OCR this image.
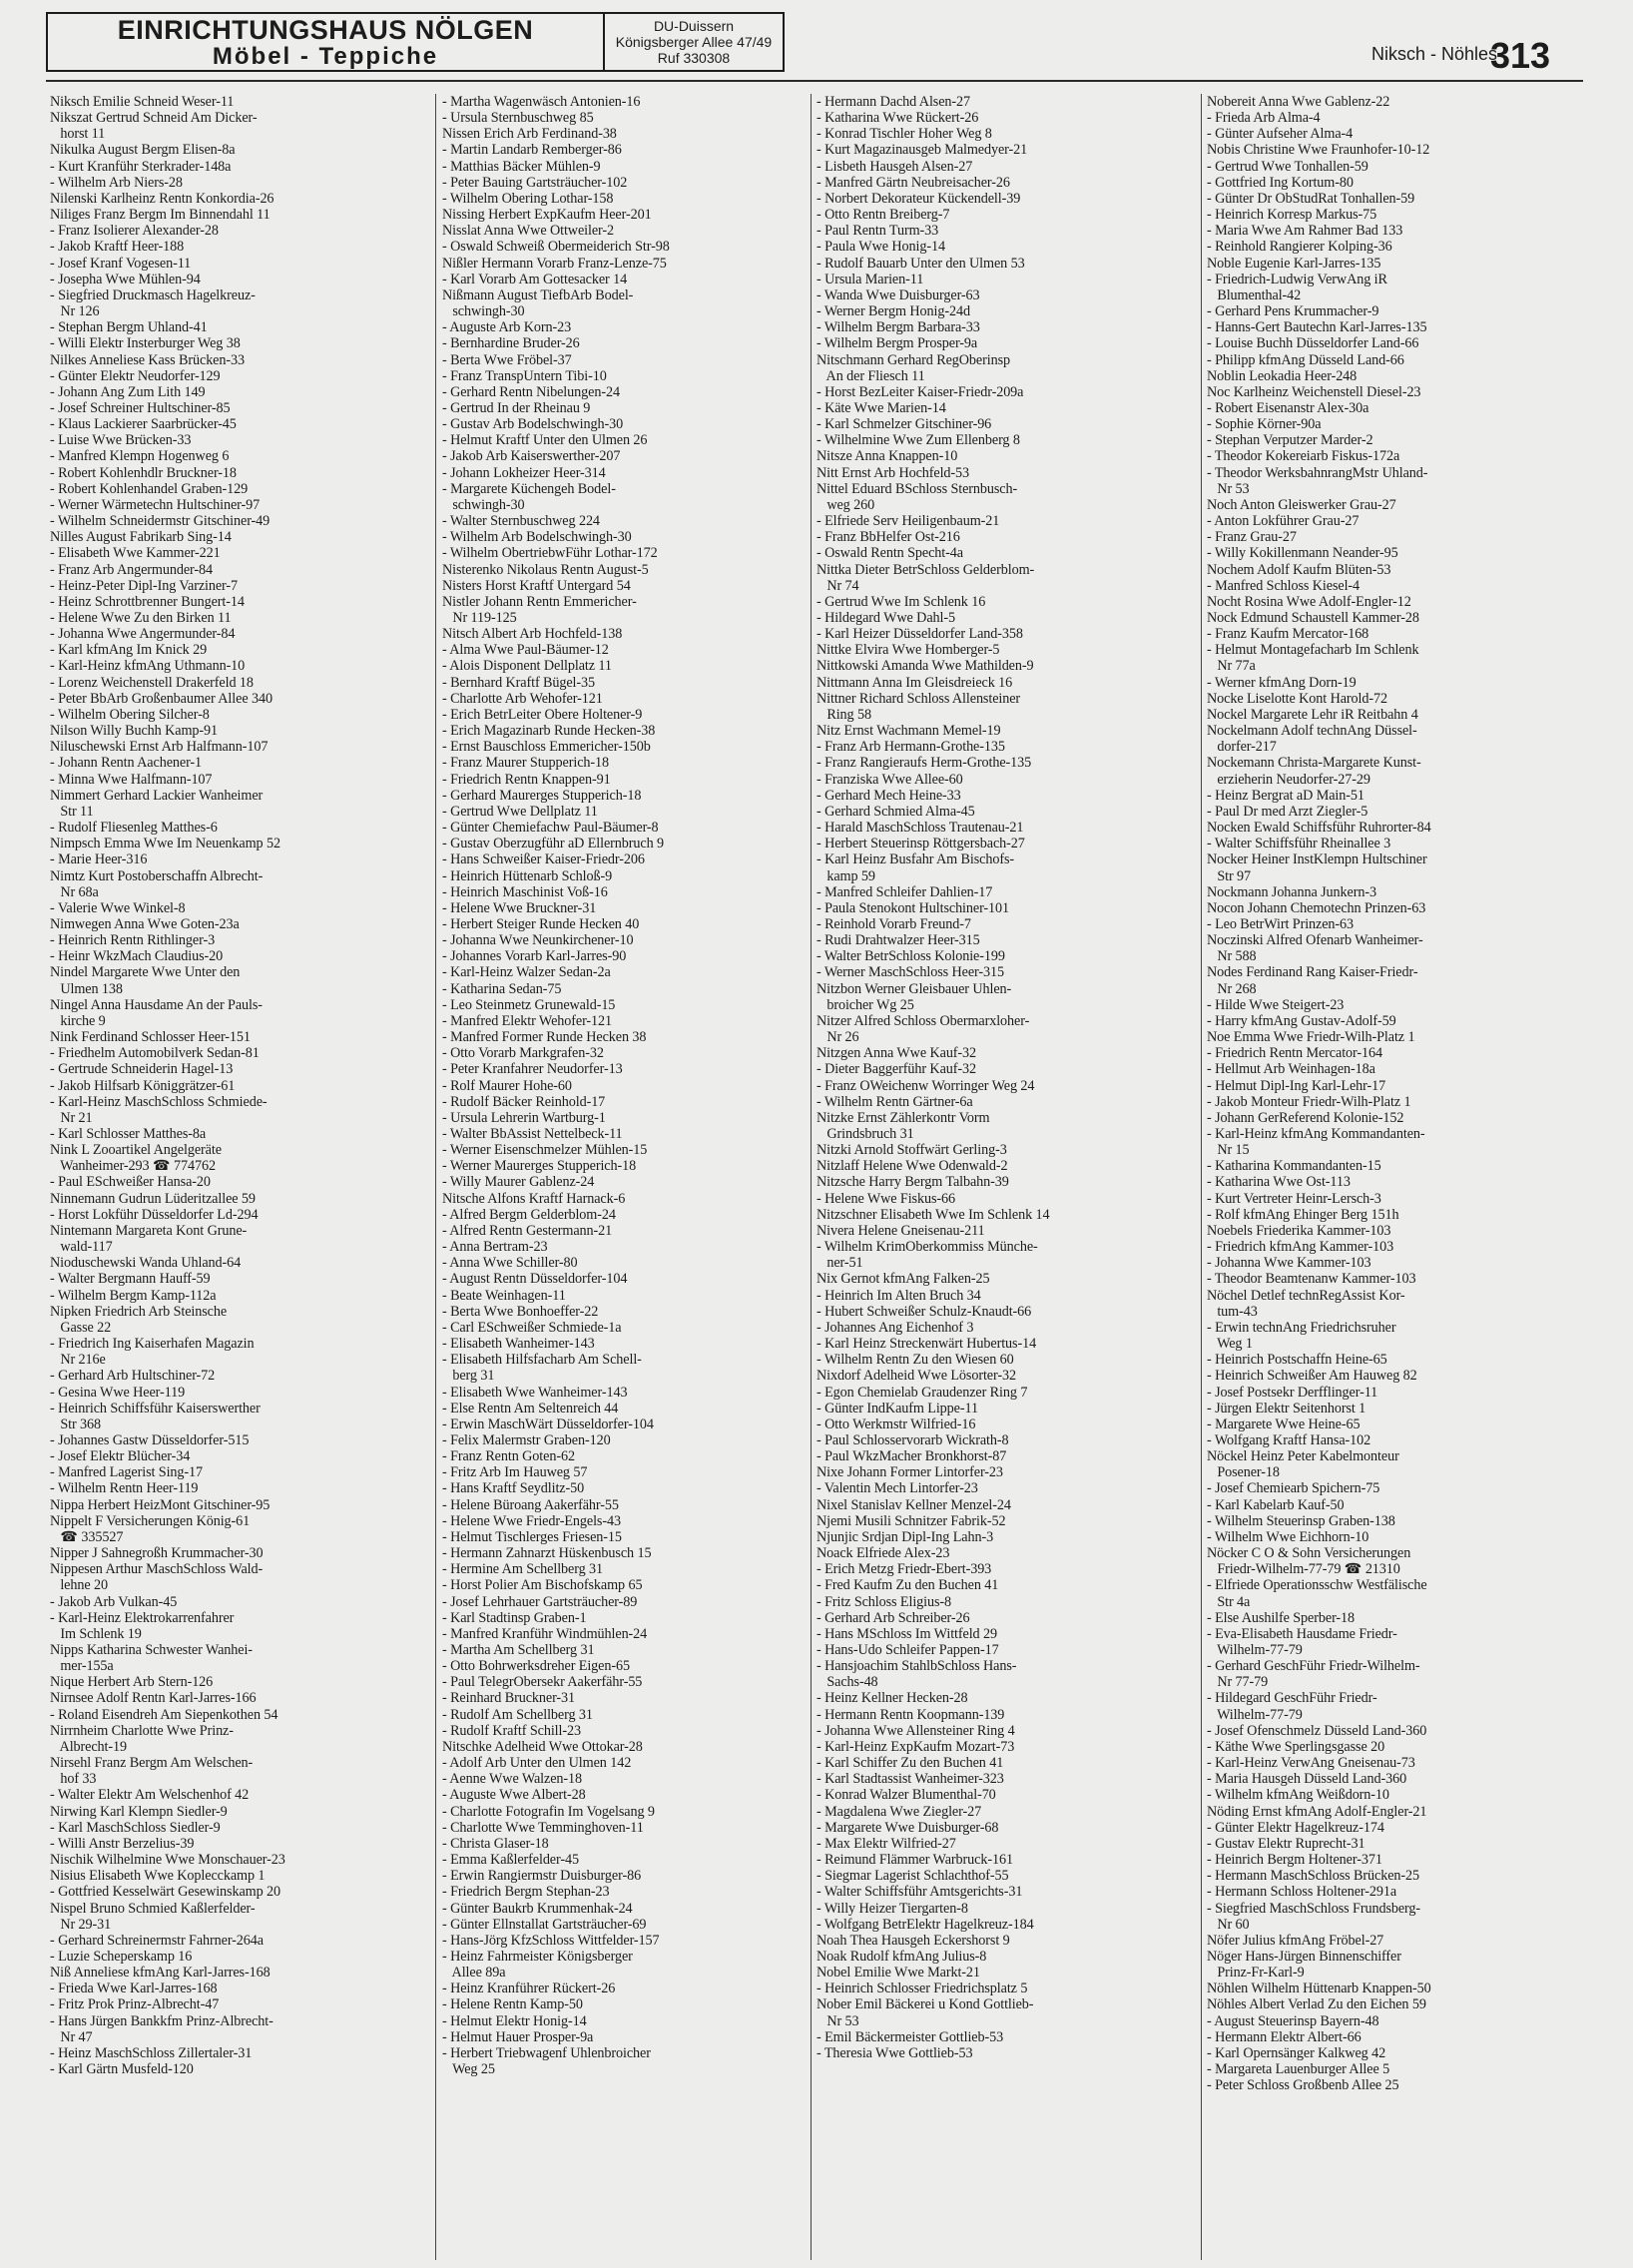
EINRICHTUNGSHAUS NÖLGEN
Möbel - Teppiche
DU-Duissern
Königsberger Allee 47/49
Ruf 330308	Niksch - Nöhles
313
Niksch Emilie Schneid Weser-11
Nikszat Gertrud Schneid Am Dicker-
horst 11
Nikulka August Bergm Elisen-8a
- Kurt Kranführ Sterkrader-148a
- Wilhelm Arb Niers-28
Nilenski Karlheinz Rentn Konkordia-26
Niliges Franz Bergm Im Binnendahl 11
- Franz Isolierer Alexander-28
- Jakob Kraftf Heer-188
- Josef Kranf Vogesen-11
- Josepha Wwe Mühlen-94
- Siegfried Druckmasch Hagelkreuz-
Nr 126
- Stephan Bergm Uhland-41
- Willi Elektr Insterburger Weg 38
Nilkes Anneliese Kass Brücken-33
- Günter Elektr Neudorfer-129
- Johann Ang Zum Lith 149
- Josef Schreiner Hultschiner-85
- Klaus Lackierer Saarbrücker-45
- Luise Wwe Brücken-33
- Manfred Klempn Hogenweg 6
- Robert Kohlenhdlr Bruckner-18
- Robert Kohlenhandel Graben-129
- Werner Wärmetechn Hultschiner-97
- Wilhelm Schneidermstr Gitschiner-49
Nilles August Fabrikarb Sing-14
- Elisabeth Wwe Kammer-221
- Franz Arb Angermunder-84
- Heinz-Peter Dipl-Ing Varziner-7
- Heinz Schrottbrenner Bungert-14
- Helene Wwe Zu den Birken 11
- Johanna Wwe Angermunder-84
- Karl kfmAng Im Knick 29
- Karl-Heinz kfmAng Uthmann-10
- Lorenz Weichenstell Drakerfeld 18
- Peter BbArb Großenbaumer Allee 340
- Wilhelm Obering Silcher-8
Nilson Willy Buchh Kamp-91
Niluschewski Ernst Arb Halfmann-107
- Johann Rentn Aachener-1
- Minna Wwe Halfmann-107
Nimmert Gerhard Lackier Wanheimer
Str 11
- Rudolf Fliesenleg Matthes-6
Nimpsch Emma Wwe Im Neuenkamp 52
- Marie Heer-316
Nimtz Kurt Postoberschaffn Albrecht-
Nr 68a
- Valerie Wwe Winkel-8
Nimwegen Anna Wwe Goten-23a
- Heinrich Rentn Rithlinger-3
- Heinr WkzMach Claudius-20
Nindel Margarete Wwe Unter den
Ulmen 138
Ningel Anna Hausdame An der Pauls-
kirche 9
Nink Ferdinand Schlosser Heer-151
- Friedhelm Automobilverk Sedan-81
- Gertrude Schneiderin Hagel-13
- Jakob Hilfsarb Königgrätzer-61
- Karl-Heinz MaschSchloss Schmiede-
Nr 21
- Karl Schlosser Matthes-8a
Nink L Zooartikel Angelgeräte
Wanheimer-293 ☎ 774762
- Paul ESchweißer Hansa-20
Ninnemann Gudrun Lüderitzallee 59
- Horst Lokführ Düsseldorfer Ld-294
Nintemann Margareta Kont Grune-
wald-117
Nioduschewski Wanda Uhland-64
- Walter Bergmann Hauff-59
- Wilhelm Bergm Kamp-112a
Nipken Friedrich Arb Steinsche
Gasse 22
- Friedrich Ing Kaiserhafen Magazin
Nr 216e
- Gerhard Arb Hultschiner-72
- Gesina Wwe Heer-119
- Heinrich Schiffsführ Kaiserswerther
Str 368
- Johannes Gastw Düsseldorfer-515
- Josef Elektr Blücher-34
- Manfred Lagerist Sing-17
- Wilhelm Rentn Heer-119
Nippa Herbert HeizMont Gitschiner-95
Nippelt F Versicherungen König-61
☎ 335527
Nipper J Sahnegroßh Krummacher-30
Nippesen Arthur MaschSchloss Wald-
lehne 20
- Jakob Arb Vulkan-45
- Karl-Heinz Elektrokarrenfahrer
Im Schlenk 19
Nipps Katharina Schwester Wanhei-
mer-155a
Nique Herbert Arb Stern-126
Nirnsee Adolf Rentn Karl-Jarres-166
- Roland Eisendreh Am Siepenkothen 54
Nirrnheim Charlotte Wwe Prinz-
Albrecht-19
Nirsehl Franz Bergm Am Welschen-
hof 33
- Walter Elektr Am Welschenhof 42
Nirwing Karl Klempn Siedler-9
- Karl MaschSchloss Siedler-9
- Willi Anstr Berzelius-39
Nischik Wilhelmine Wwe Monschauer-23
Nisius Elisabeth Wwe Koplecckamp 1
- Gottfried Kesselwärt Gesewinskamp 20
Nispel Bruno Schmied Kaßlerfelder-
Nr 29-31
- Gerhard Schreinermstr Fahrner-264a
- Luzie Scheperskamp 16
Niß Anneliese kfmAng Karl-Jarres-168
- Frieda Wwe Karl-Jarres-168
- Fritz Prok Prinz-Albrecht-47
- Hans Jürgen Bankkfm Prinz-Albrecht-
Nr 47
- Heinz MaschSchloss Zillertaler-31
- Karl Gärtn Musfeld-120
- Martha Wagenwäsch Antonien-16
- Ursula Sternbuschweg 85
Nissen Erich Arb Ferdinand-38
- Martin Landarb Remberger-86
- Matthias Bäcker Mühlen-9
- Peter Bauing Gartsträucher-102
- Wilhelm Obering Lothar-158
Nissing Herbert ExpKaufm Heer-201
Nisslat Anna Wwe Ottweiler-2
- Oswald Schweiß Obermeiderich Str-98
Nißler Hermann Vorarb Franz-Lenze-75
- Karl Vorarb Am Gottesacker 14
Nißmann August TiefbArb Bodel-
schwingh-30
- Auguste Arb Korn-23
- Bernhardine Bruder-26
- Berta Wwe Fröbel-37
- Franz TranspUntern Tibi-10
- Gerhard Rentn Nibelungen-24
- Gertrud In der Rheinau 9
- Gustav Arb Bodelschwingh-30
- Helmut Kraftf Unter den Ulmen 26
- Jakob Arb Kaiserswerther-207
- Johann Lokheizer Heer-314
- Margarete Küchengeh Bodel-
schwingh-30
- Walter Sternbuschweg 224
- Wilhelm Arb Bodelschwingh-30
- Wilhelm ObertriebwFühr Lothar-172
Nisterenko Nikolaus Rentn August-5
Nisters Horst Kraftf Untergard 54
Nistler Johann Rentn Emmericher-
Nr 119-125
Nitsch Albert Arb Hochfeld-138
- Alma Wwe Paul-Bäumer-12
- Alois Disponent Dellplatz 11
- Bernhard Kraftf Bügel-35
- Charlotte Arb Wehofer-121
- Erich BetrLeiter Obere Holtener-9
- Erich Magazinarb Runde Hecken-38
- Ernst Bauschloss Emmericher-150b
- Franz Maurer Stupperich-18
- Friedrich Rentn Knappen-91
- Gerhard Maurerges Stupperich-18
- Gertrud Wwe Dellplatz 11
- Günter Chemiefachw Paul-Bäumer-8
- Gustav Oberzugführ aD Ellernbruch 9
- Hans Schweißer Kaiser-Friedr-206
- Heinrich Hüttenarb Schloß-9
- Heinrich Maschinist Voß-16
- Helene Wwe Bruckner-31
- Herbert Steiger Runde Hecken 40
- Johanna Wwe Neunkirchener-10
- Johannes Vorarb Karl-Jarres-90
- Karl-Heinz Walzer Sedan-2a
- Katharina Sedan-75
- Leo Steinmetz Grunewald-15
- Manfred Elektr Wehofer-121
- Manfred Former Runde Hecken 38
- Otto Vorarb Markgrafen-32
- Peter Kranfahrer Neudorfer-13
- Rolf Maurer Hohe-60
- Rudolf Bäcker Reinhold-17
- Ursula Lehrerin Wartburg-1
- Walter BbAssist Nettelbeck-11
- Werner Eisenschmelzer Mühlen-15
- Werner Maurerges Stupperich-18
- Willy Maurer Gablenz-24
Nitsche Alfons Kraftf Harnack-6
- Alfred Bergm Gelderblom-24
- Alfred Rentn Gestermann-21
- Anna Bertram-23
- Anna Wwe Schiller-80
- August Rentn Düsseldorfer-104
- Beate Weinhagen-11
- Berta Wwe Bonhoeffer-22
- Carl ESchweißer Schmiede-1a
- Elisabeth Wanheimer-143
- Elisabeth Hilfsfacharb Am Schell-
berg 31
- Elisabeth Wwe Wanheimer-143
- Else Rentn Am Seltenreich 44
- Erwin MaschWärt Düsseldorfer-104
- Felix Malermstr Graben-120
- Franz Rentn Goten-62
- Fritz Arb Im Hauweg 57
- Hans Kraftf Seydlitz-50
- Helene Büroang Aakerfähr-55
- Helene Wwe Friedr-Engels-43
- Helmut Tischlerges Friesen-15
- Hermann Zahnarzt Hüskenbusch 15
- Hermine Am Schellberg 31
- Horst Polier Am Bischofskamp 65
- Josef Lehrhauer Gartsträucher-89
- Karl Stadtinsp Graben-1
- Manfred Kranführ Windmühlen-24
- Martha Am Schellberg 31
- Otto Bohrwerksdreher Eigen-65
- Paul TelegrObersekr Aakerfähr-55
- Reinhard Bruckner-31
- Rudolf Am Schellberg 31
- Rudolf Kraftf Schill-23
Nitschke Adelheid Wwe Ottokar-28
- Adolf Arb Unter den Ulmen 142
- Aenne Wwe Walzen-18
- Auguste Wwe Albert-28
- Charlotte Fotografin Im Vogelsang 9
- Charlotte Wwe Temminghoven-11
- Christa Glaser-18
- Emma Kaßlerfelder-45
- Erwin Rangiermstr Duisburger-86
- Friedrich Bergm Stephan-23
- Günter Baukrb Krummenhak-24
- Günter Ellnstallat Gartsträucher-69
- Hans-Jörg KfzSchloss Wittfelder-157
- Heinz Fahrmeister Königsberger
Allee 89a
- Heinz Kranführer Rückert-26
- Helene Rentn Kamp-50
- Helmut Elektr Honig-14
- Helmut Hauer Prosper-9a
- Herbert Triebwagenf Uhlenbroicher
Weg 25
- Hermann Dachd Alsen-27
- Katharina Wwe Rückert-26
- Konrad Tischler Hoher Weg 8
- Kurt Magazinausgeb Malmedyer-21
- Lisbeth Hausgeh Alsen-27
- Manfred Gärtn Neubreisacher-26
- Norbert Dekorateur Kückendell-39
- Otto Rentn Breiberg-7
- Paul Rentn Turm-33
- Paula Wwe Honig-14
- Rudolf Bauarb Unter den Ulmen 53
- Ursula Marien-11
- Wanda Wwe Duisburger-63
- Werner Bergm Honig-24d
- Wilhelm Bergm Barbara-33
- Wilhelm Bergm Prosper-9a
Nitschmann Gerhard RegOberinsp
An der Fliesch 11
- Horst BezLeiter Kaiser-Friedr-209a
- Käte Wwe Marien-14
- Karl Schmelzer Gitschiner-96
- Wilhelmine Wwe Zum Ellenberg 8
Nitsze Anna Knappen-10
Nitt Ernst Arb Hochfeld-53
Nittel Eduard BSchloss Sternbusch-
weg 260
- Elfriede Serv Heiligenbaum-21
- Franz BbHelfer Ost-216
- Oswald Rentn Specht-4a
Nittka Dieter BetrSchloss Gelderblom-
Nr 74
- Gertrud Wwe Im Schlenk 16
- Hildegard Wwe Dahl-5
- Karl Heizer Düsseldorfer Land-358
Nittke Elvira Wwe Homberger-5
Nittkowski Amanda Wwe Mathilden-9
Nittmann Anna Im Gleisdreieck 16
Nittner Richard Schloss Allensteiner
Ring 58
Nitz Ernst Wachmann Memel-19
- Franz Arb Hermann-Grothe-135
- Franz Rangieraufs Herm-Grothe-135
- Franziska Wwe Allee-60
- Gerhard Mech Heine-33
- Gerhard Schmied Alma-45
- Harald MaschSchloss Trautenau-21
- Herbert Steuerinsp Röttgersbach-27
- Karl Heinz Busfahr Am Bischofs-
kamp 59
- Manfred Schleifer Dahlien-17
- Paula Stenokont Hultschiner-101
- Reinhold Vorarb Freund-7
- Rudi Drahtwalzer Heer-315
- Walter BetrSchloss Kolonie-199
- Werner MaschSchloss Heer-315
Nitzbon Werner Gleisbauer Uhlen-
broicher Wg 25
Nitzer Alfred Schloss Obermarxloher-
Nr 26
Nitzgen Anna Wwe Kauf-32
- Dieter Baggerführ Kauf-32
- Franz OWeichenw Worringer Weg 24
- Wilhelm Rentn Gärtner-6a
Nitzke Ernst Zählerkontr Vorm
Grindsbruch 31
Nitzki Arnold Stoffwärt Gerling-3
Nitzlaff Helene Wwe Odenwald-2
Nitzsche Harry Bergm Talbahn-39
- Helene Wwe Fiskus-66
Nitzschner Elisabeth Wwe Im Schlenk 14
Nivera Helene Gneisenau-211
- Wilhelm KrimOberkommiss Münche-
ner-51
Nix Gernot kfmAng Falken-25
- Heinrich Im Alten Bruch 34
- Hubert Schweißer Schulz-Knaudt-66
- Johannes Ang Eichenhof 3
- Karl Heinz Streckenwärt Hubertus-14
- Wilhelm Rentn Zu den Wiesen 60
Nixdorf Adelheid Wwe Lösorter-32
- Egon Chemielab Graudenzer Ring 7
- Günter IndKaufm Lippe-11
- Otto Werkmstr Wilfried-16
- Paul Schlosservorarb Wickrath-8
- Paul WkzMacher Bronkhorst-87
Nixe Johann Former Lintorfer-23
- Valentin Mech Lintorfer-23
Nixel Stanislav Kellner Menzel-24
Njemi Musili Schnitzer Fabrik-52
Njunjic Srdjan Dipl-Ing Lahn-3
Noack Elfriede Alex-23
- Erich Metzg Friedr-Ebert-393
- Fred Kaufm Zu den Buchen 41
- Fritz Schloss Eligius-8
- Gerhard Arb Schreiber-26
- Hans MSchloss Im Wittfeld 29
- Hans-Udo Schleifer Pappen-17
- Hansjoachim StahlbSchloss Hans-
Sachs-48
- Heinz Kellner Hecken-28
- Hermann Rentn Koopmann-139
- Johanna Wwe Allensteiner Ring 4
- Karl-Heinz ExpKaufm Mozart-73
- Karl Schiffer Zu den Buchen 41
- Karl Stadtassist Wanheimer-323
- Konrad Walzer Blumenthal-70
- Magdalena Wwe Ziegler-27
- Margarete Wwe Duisburger-68
- Max Elektr Wilfried-27
- Reimund Flämmer Warbruck-161
- Siegmar Lagerist Schlachthof-55
- Walter Schiffsführ Amtsgerichts-31
- Willy Heizer Tiergarten-8
- Wolfgang BetrElektr Hagelkreuz-184
Noah Thea Hausgeh Eckershorst 9
Noak Rudolf kfmAng Julius-8
Nobel Emilie Wwe Markt-21
- Heinrich Schlosser Friedrichsplatz 5
Nober Emil Bäckerei u Kond Gottlieb-
Nr 53
- Emil Bäckermeister Gottlieb-53
- Theresia Wwe Gottlieb-53
Nobereit Anna Wwe Gablenz-22
- Frieda Arb Alma-4
- Günter Aufseher Alma-4
Nobis Christine Wwe Fraunhofer-10-12
- Gertrud Wwe Tonhallen-59
- Gottfried Ing Kortum-80
- Günter Dr ObStudRat Tonhallen-59
- Heinrich Korresp Markus-75
- Maria Wwe Am Rahmer Bad 133
- Reinhold Rangierer Kolping-36
Noble Eugenie Karl-Jarres-135
- Friedrich-Ludwig VerwAng iR
Blumenthal-42
- Gerhard Pens Krummacher-9
- Hanns-Gert Bautechn Karl-Jarres-135
- Louise Buchh Düsseldorfer Land-66
- Philipp kfmAng Düsseld Land-66
Noblin Leokadia Heer-248
Noc Karlheinz Weichenstell Diesel-23
- Robert Eisenanstr Alex-30a
- Sophie Körner-90a
- Stephan Verputzer Marder-2
- Theodor Kokereiarb Fiskus-172a
- Theodor WerksbahnrangMstr Uhland-
Nr 53
Noch Anton Gleiswerker Grau-27
- Anton Lokführer Grau-27
- Franz Grau-27
- Willy Kokillenmann Neander-95
Nochem Adolf Kaufm Blüten-53
- Manfred Schloss Kiesel-4
Nocht Rosina Wwe Adolf-Engler-12
Nock Edmund Schaustell Kammer-28
- Franz Kaufm Mercator-168
- Helmut Montagefacharb Im Schlenk
Nr 77a
- Werner kfmAng Dorn-19
Nocke Liselotte Kont Harold-72
Nockel Margarete Lehr iR Reitbahn 4
Nockelmann Adolf technAng Düssel-
dorfer-217
Nockemann Christa-Margarete Kunst-
erzieherin Neudorfer-27-29
- Heinz Bergrat aD Main-51
- Paul Dr med Arzt Ziegler-5
Nocken Ewald Schiffsführ Ruhrorter-84
- Walter Schiffsführ Rheinallee 3
Nocker Heiner InstKlempn Hultschiner
Str 97
Nockmann Johanna Junkern-3
Nocon Johann Chemotechn Prinzen-63
- Leo BetrWirt Prinzen-63
Noczinski Alfred Ofenarb Wanheimer-
Nr 588
Nodes Ferdinand Rang Kaiser-Friedr-
Nr 268
- Hilde Wwe Steigert-23
- Harry kfmAng Gustav-Adolf-59
Noe Emma Wwe Friedr-Wilh-Platz 1
- Friedrich Rentn Mercator-164
- Hellmut Arb Weinhagen-18a
- Helmut Dipl-Ing Karl-Lehr-17
- Jakob Monteur Friedr-Wilh-Platz 1
- Johann GerReferend Kolonie-152
- Karl-Heinz kfmAng Kommandanten-
Nr 15
- Katharina Kommandanten-15
- Katharina Wwe Ost-113
- Kurt Vertreter Heinr-Lersch-3
- Rolf kfmAng Ehinger Berg 151h
Noebels Friederika Kammer-103
- Friedrich kfmAng Kammer-103
- Johanna Wwe Kammer-103
- Theodor Beamtenanw Kammer-103
Nöchel Detlef technRegAssist Kor-
tum-43
- Erwin technAng Friedrichsruher
Weg 1
- Heinrich Postschaffn Heine-65
- Heinrich Schweißer Am Hauweg 82
- Josef Postsekr Derfflinger-11
- Jürgen Elektr Seitenhorst 1
- Margarete Wwe Heine-65
- Wolfgang Kraftf Hansa-102
Nöckel Heinz Peter Kabelmonteur
Posener-18
- Josef Chemiearb Spichern-75
- Karl Kabelarb Kauf-50
- Wilhelm Steuerinsp Graben-138
- Wilhelm Wwe Eichhorn-10
Nöcker C O & Sohn Versicherungen
Friedr-Wilhelm-77-79 ☎ 21310
- Elfriede Operationsschw Westfälische
Str 4a
- Else Aushilfe Sperber-18
- Eva-Elisabeth Hausdame Friedr-
Wilhelm-77-79
- Gerhard GeschFühr Friedr-Wilhelm-
Nr 77-79
- Hildegard GeschFühr Friedr-
Wilhelm-77-79
- Josef Ofenschmelz Düsseld Land-360
- Käthe Wwe Sperlingsgasse 20
- Karl-Heinz VerwAng Gneisenau-73
- Maria Hausgeh Düsseld Land-360
- Wilhelm kfmAng Weißdorn-10
Nöding Ernst kfmAng Adolf-Engler-21
- Günter Elektr Hagelkreuz-174
- Gustav Elektr Ruprecht-31
- Heinrich Bergm Holtener-371
- Hermann MaschSchloss Brücken-25
- Hermann Schloss Holtener-291a
- Siegfried MaschSchloss Frundsberg-
Nr 60
Nöfer Julius kfmAng Fröbel-27
Nöger Hans-Jürgen Binnenschiffer
Prinz-Fr-Karl-9
Nöhlen Wilhelm Hüttenarb Knappen-50
Nöhles Albert Verlad Zu den Eichen 59
- August Steuerinsp Bayern-48
- Hermann Elektr Albert-66
- Karl Opernsänger Kalkweg 42
- Margareta Lauenburger Allee 5
- Peter Schloss Großbenb Allee 25
